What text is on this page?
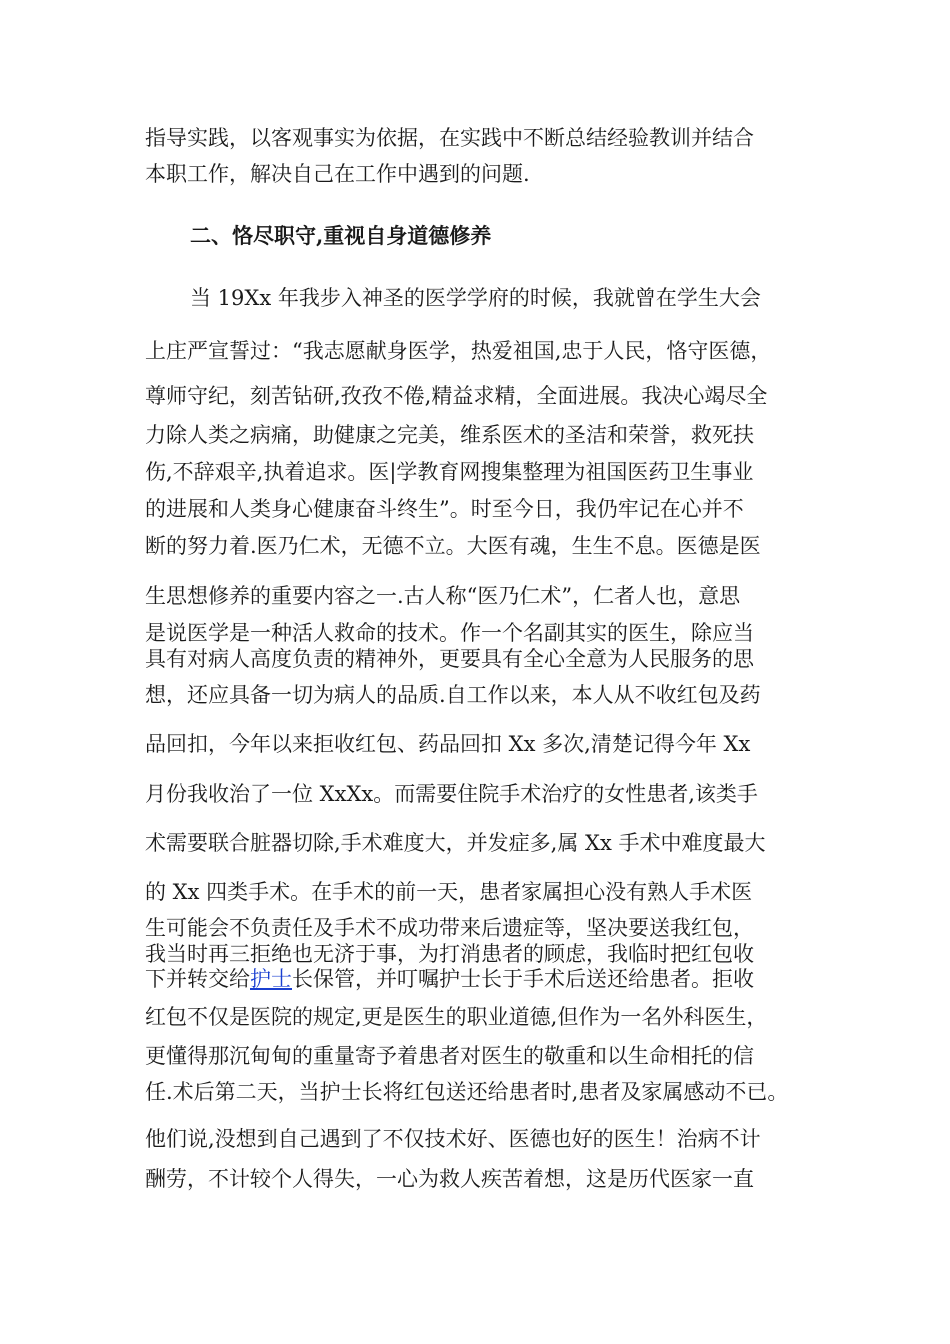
指导实践，以客观事实为依据，在实践中不断总结经验教训并结合
本职工作，解决自己在工作中遇到的问题.
二、恪尽职守,重视自身道德修养
当 19Xx 年我步入神圣的医学学府的时候，我就曾在学生大会
上庄严宣誓过：“我志愿献身医学，热爱祖国,忠于人民，恪守医德，
尊师守纪，刻苦钻研,孜孜不倦,精益求精，全面进展。我决心竭尽全
力除人类之病痛，助健康之完美，维系医术的圣洁和荣誉，救死扶
伤,不辞艰辛,执着追求。医|学教育网搜集整理为祖国医药卫生事业
的进展和人类身心健康奋斗终生”。时至今日，我仍牢记在心并不
断的努力着.医乃仁术，无德不立。大医有魂，生生不息。医德是医
生思想修养的重要内容之一.古人称“医乃仁术”，仁者人也，意思
是说医学是一种活人救命的技术。作一个名副其实的医生，除应当
具有对病人高度负责的精神外，更要具有全心全意为人民服务的思
想，还应具备一切为病人的品质.自工作以来，本人从不收红包及药
品回扣，今年以来拒收红包、药品回扣 Xx 多次,清楚记得今年 Xx
月份我收治了一位 XxXx。而需要住院手术治疗的女性患者,该类手
术需要联合脏器切除,手术难度大，并发症多,属 Xx 手术中难度最大
的 Xx 四类手术。在手术的前一天，患者家属担心没有熟人手术医
生可能会不负责任及手术不成功带来后遗症等，坚决要送我红包，
我当时再三拒绝也无济于事，为打消患者的顾虑，我临时把红包收
下并转交给护士长保管，并叮嘱护士长于手术后送还给患者。拒收
红包不仅是医院的规定,更是医生的职业道德,但作为一名外科医生，
更懂得那沉甸甸的重量寄予着患者对医生的敬重和以生命相托的信
任.术后第二天，当护士长将红包送还给患者时,患者及家属感动不已。
他们说,没想到自己遇到了不仅技术好、医德也好的医生！治病不计
酬劳，不计较个人得失，一心为救人疾苦着想，这是历代医家一直
